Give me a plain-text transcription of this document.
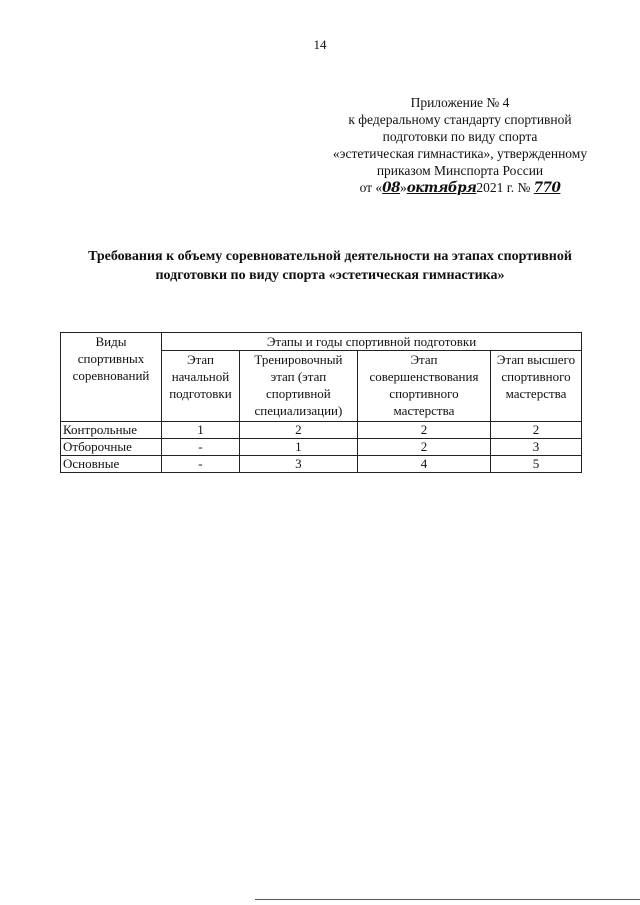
14
Приложение № 4
к федеральному стандарту спортивной
подготовки по виду спорта
«эстетическая гимнастика», утвержденному
приказом Минспорта России
от «08»октября2021 г. № 770
Требования к объему соревновательной деятельности на этапах спортивной подготовки по виду спорта «эстетическая гимнастика»
Виды спортивных соревнований	Этапы и годы спортивной подготовки			
	Этап начальной подготовки	Тренировочный этап (этап спортивной специализации)	Этап совершенствования спортивного мастерства	Этап высшего спортивного мастерства
Контрольные	1	2	2	2
Отборочные	-	1	2	3
Основные	-	3	4	5
